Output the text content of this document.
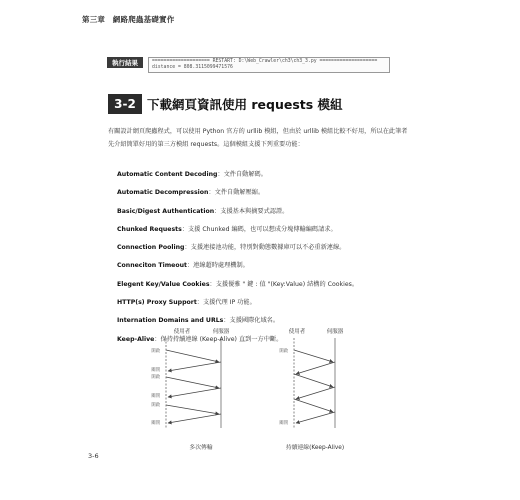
第三章　網路爬蟲基礎實作
執行結果	==================== RESTART: D:\Web_Crawler\ch3\ch3_3.py ====================
distance = 808.3115099471576
3-2 下載網頁資訊使用 requests 模組
有關設計網頁爬蟲程式，可以使用 Python 官方的 urllib 模組，但由於 urllib 模組比較不好用，所以在此筆者先介紹簡單好用的第三方模組 requests。這個模組支援下列重要功能：
Automatic Content Decoding：文件自動解碼。
Automatic Decompression：文件自動解壓縮。
Basic/Digest Authentication：支援基本與摘要式認證。
Chunked Requests：支援 Chunked 編碼，也可以想成分塊傳輸編碼請求。
Connection Pooling：支援連接池功能，特別對動態數據庫可以不必重新連線。
Conneciton Timeout：連線超時處理機制。
Elegent Key/Value Cookies：支援優雅 " 鍵 : 值 "(Key:Value) 結構的 Cookies。
HTTP(s) Proxy Support：支援代理 IP 功能。
Internation Domains and URLs：支援國際化域名。
Keep-Alive：保持持續連線 (Keep-Alive) 直到一方中斷。
使用者	伺服器
開啟
關閉
開啟
關閉
開啟
關閉
多次傳輸
使用者	伺服器
開啟
關閉
持續連線(Keep-Alive)
3-6
